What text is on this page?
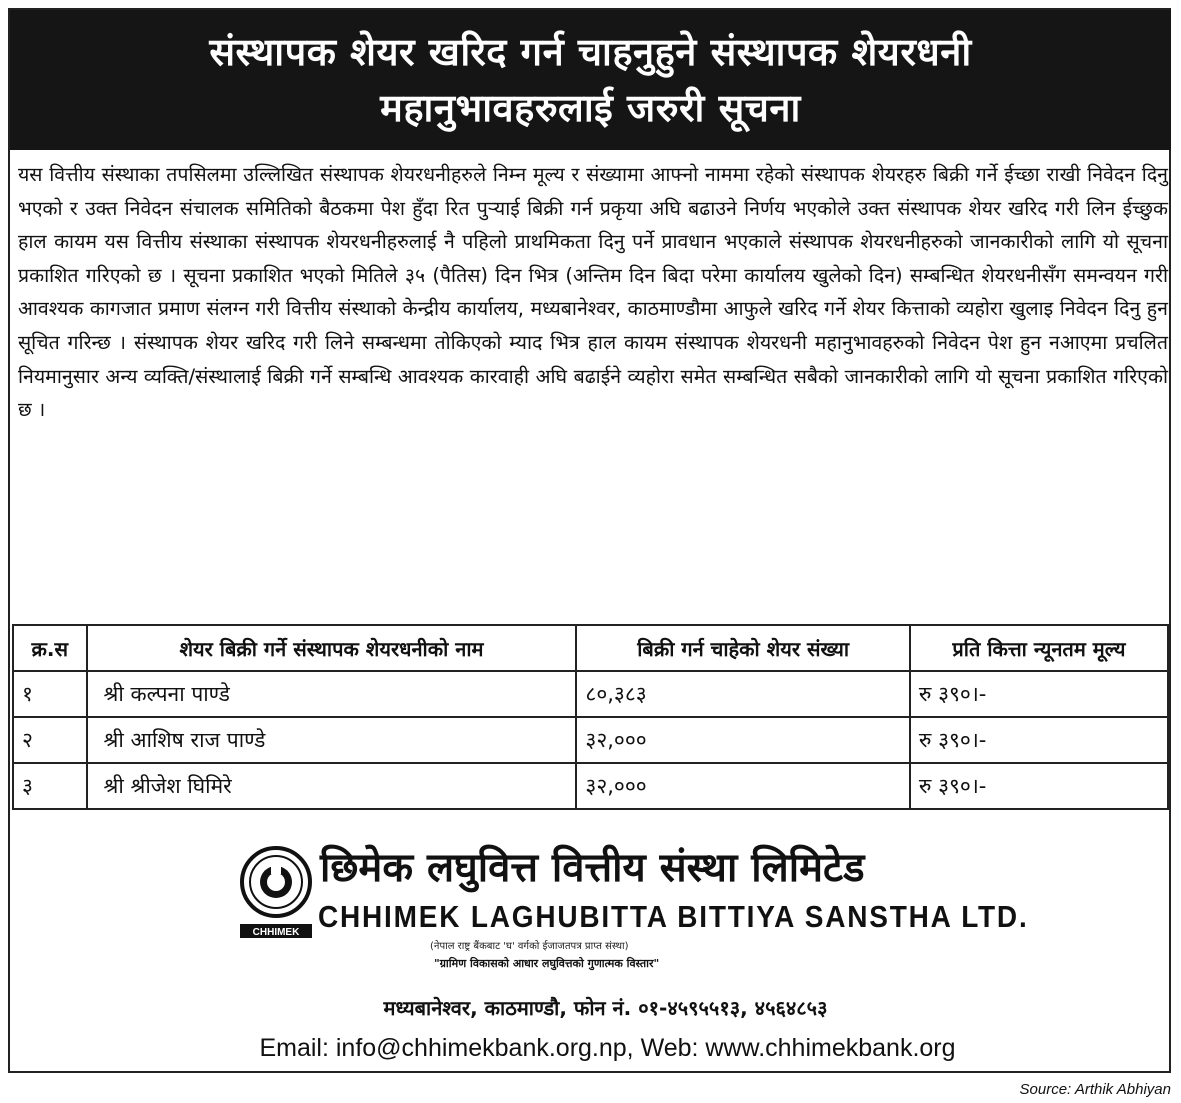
संस्थापक शेयर खरिद गर्न चाहनुहुने संस्थापक शेयरधनी
महानुभावहरुलाई जरुरी सूचना
यस वित्तीय संस्थाका तपसिलमा उल्लिखित संस्थापक शेयरधनीहरुले निम्न मूल्य र संख्यामा आफ्नो नाममा रहेको संस्थापक शेयरहरु बिक्री गर्ने ईच्छा राखी निवेदन दिनु भएको र उक्त निवेदन संचालक समितिको बैठकमा पेश हुँदा रित पुर्‍याई बिक्री गर्न प्रकृया अघि बढाउने निर्णय भएकोले उक्त संस्थापक शेयर खरिद गरी लिन ईच्छुक हाल कायम यस वित्तीय संस्थाका संस्थापक शेयरधनीहरुलाई नै पहिलो प्राथमिकता दिनु पर्ने प्रावधान भएकाले संस्थापक शेयरधनीहरुको जानकारीको लागि यो सूचना प्रकाशित गरिएको छ । सूचना प्रकाशित भएको मितिले ३५ (पैतिस) दिन भित्र (अन्तिम दिन बिदा परेमा कार्यालय खुलेको दिन) सम्बन्धित शेयरधनीसँग समन्वयन गरी आवश्यक कागजात प्रमाण संलग्न गरी वित्तीय संस्थाको केन्द्रीय कार्यालय, मध्यबानेश्वर, काठमाण्डौमा आफुले खरिद गर्ने शेयर कित्ताको व्यहोरा खुलाइ निवेदन दिनु हुन सूचित गरिन्छ । संस्थापक शेयर खरिद गरी लिने सम्बन्धमा तोकिएको म्याद भित्र हाल कायम संस्थापक शेयरधनी महानुभावहरुको निवेदन पेश हुन नआएमा प्रचलित नियमानुसार अन्य व्यक्ति/संस्थालाई बिक्री गर्ने सम्बन्धि आवश्यक कारवाही अघि बढाईने व्यहोरा समेत सम्बन्धित सबैको जानकारीको लागि यो सूचना प्रकाशित गरिएको छ ।
क्र.स	शेयर बिक्री गर्ने संस्थापक शेयरधनीको नाम	बिक्री गर्न चाहेको शेयर संख्या	प्रति कित्ता न्यूनतम मूल्य
१	श्री कल्पना पाण्डे	८०,३८३	रु ३९०।-
२	श्री आशिष राज पाण्डे	३२,०००	रु ३९०।-
३	श्री श्रीजेश घिमिरे	३२,०००	रु ३९०।-
CHHIMEK
छिमेक लघुवित्त वित्तीय संस्था लिमिटेड
CHHIMEK LAGHUBITTA BITTIYA SANSTHA LTD.
(नेपाल राष्ट्र बैंकबाट 'घ' वर्गको ईजाजतपत्र प्राप्त संस्था)
"ग्रामिण विकासको आधार लघुवित्तको गुणात्मक विस्तार"
मध्यबानेश्वर, काठमाण्डौ, फोन नं. ०१-४५९५५१३, ४५६४८५३
Email: info@chhimekbank.org.np, Web: www.chhimekbank.org
Source: Arthik Abhiyan
